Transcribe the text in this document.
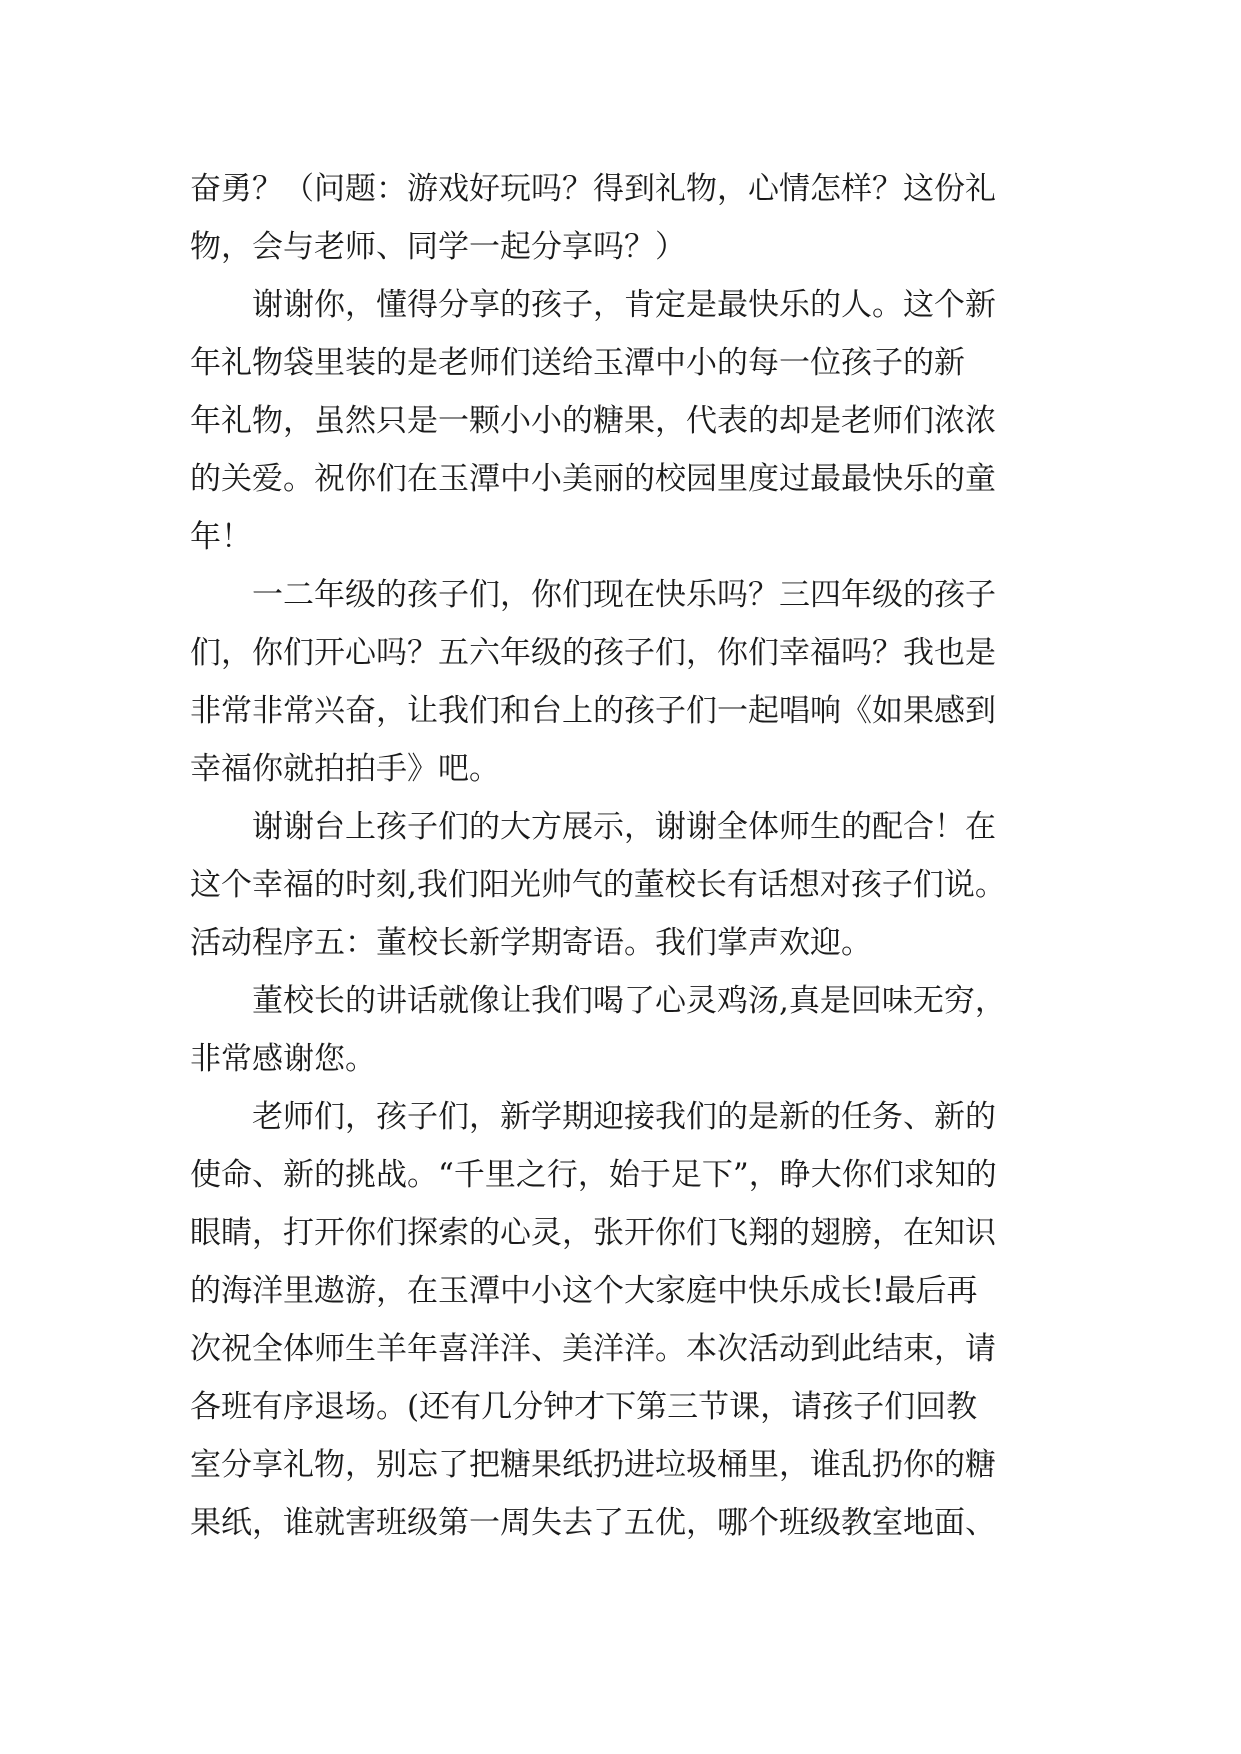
奋勇？（问题：游戏好玩吗？得到礼物，心情怎样？这份礼
物，会与老师、同学一起分享吗？）
谢谢你，懂得分享的孩子，肯定是最快乐的人。这个新
年礼物袋里装的是老师们送给玉潭中小的每一位孩子的新
年礼物，虽然只是一颗小小的糖果，代表的却是老师们浓浓
的关爱。祝你们在玉潭中小美丽的校园里度过最最快乐的童
年！
一二年级的孩子们，你们现在快乐吗？三四年级的孩子
们，你们开心吗？五六年级的孩子们，你们幸福吗？我也是
非常非常兴奋，让我们和台上的孩子们一起唱响《如果感到
幸福你就拍拍手》吧。
谢谢台上孩子们的大方展示，谢谢全体师生的配合！在
这个幸福的时刻,我们阳光帅气的董校长有话想对孩子们说。
活动程序五：董校长新学期寄语。我们掌声欢迎。
董校长的讲话就像让我们喝了心灵鸡汤,真是回味无穷，
非常感谢您。
老师们，孩子们，新学期迎接我们的是新的任务、新的
使命、新的挑战。“千里之行，始于足下”，睁大你们求知的
眼睛，打开你们探索的心灵，张开你们飞翔的翅膀，在知识
的海洋里遨游，在玉潭中小这个大家庭中快乐成长!最后再
次祝全体师生羊年喜洋洋、美洋洋。本次活动到此结束，请
各班有序退场。(还有几分钟才下第三节课，请孩子们回教
室分享礼物，别忘了把糖果纸扔进垃圾桶里，谁乱扔你的糖
果纸，谁就害班级第一周失去了五优，哪个班级教室地面、
